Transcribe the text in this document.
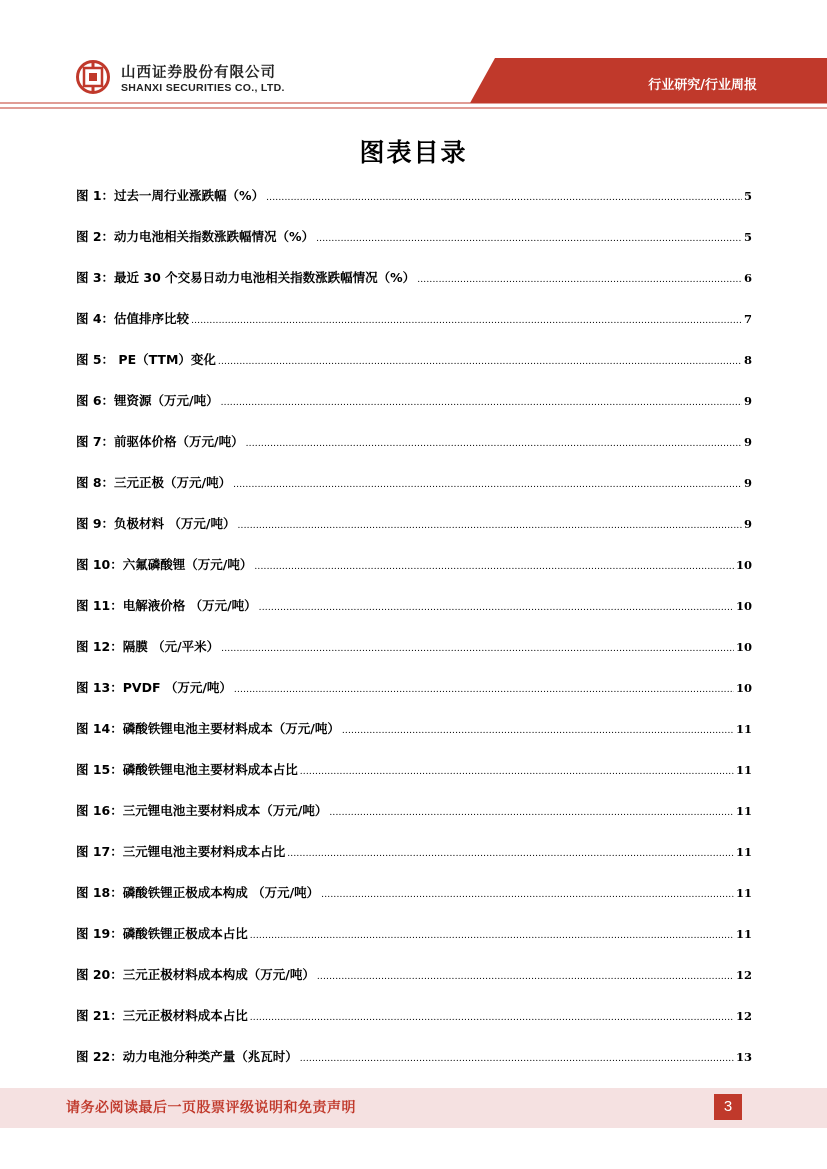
山西证券股份有限公司
SHANXI SECURITIES CO., LTD.	行业研究/行业周报
图表目录
图 1：过去一周行业涨跌幅（%） .....	5
图 2：动力电池相关指数涨跌幅情况（%） .....	5
图 3：最近 30 个交易日动力电池相关指数涨跌幅情况（%） .....	6
图 4：估值排序比较 .....	7
图 5： PE（TTM）变化 .....	8
图 6：锂资源（万元/吨） .....	9
图 7：前驱体价格（万元/吨） .....	9
图 8：三元正极（万元/吨） .....	9
图 9：负极材料 （万元/吨） .....	9
图 10：六氟磷酸锂（万元/吨） .....	10
图 11：电解液价格 （万元/吨） .....	10
图 12：隔膜 （元/平米） .....	10
图 13：PVDF （万元/吨） .....	10
图 14：磷酸铁锂电池主要材料成本（万元/吨） .....	11
图 15：磷酸铁锂电池主要材料成本占比 .....	11
图 16：三元锂电池主要材料成本（万元/吨） .....	11
图 17：三元锂电池主要材料成本占比 .....	11
图 18：磷酸铁锂正极成本构成 （万元/吨） .....	11
图 19：磷酸铁锂正极成本占比 .....	11
图 20：三元正极材料成本构成（万元/吨） .....	12
图 21：三元正极材料成本占比 .....	12
图 22：动力电池分种类产量（兆瓦时） .....	13
请务必阅读最后一页股票评级说明和免责声明	3
